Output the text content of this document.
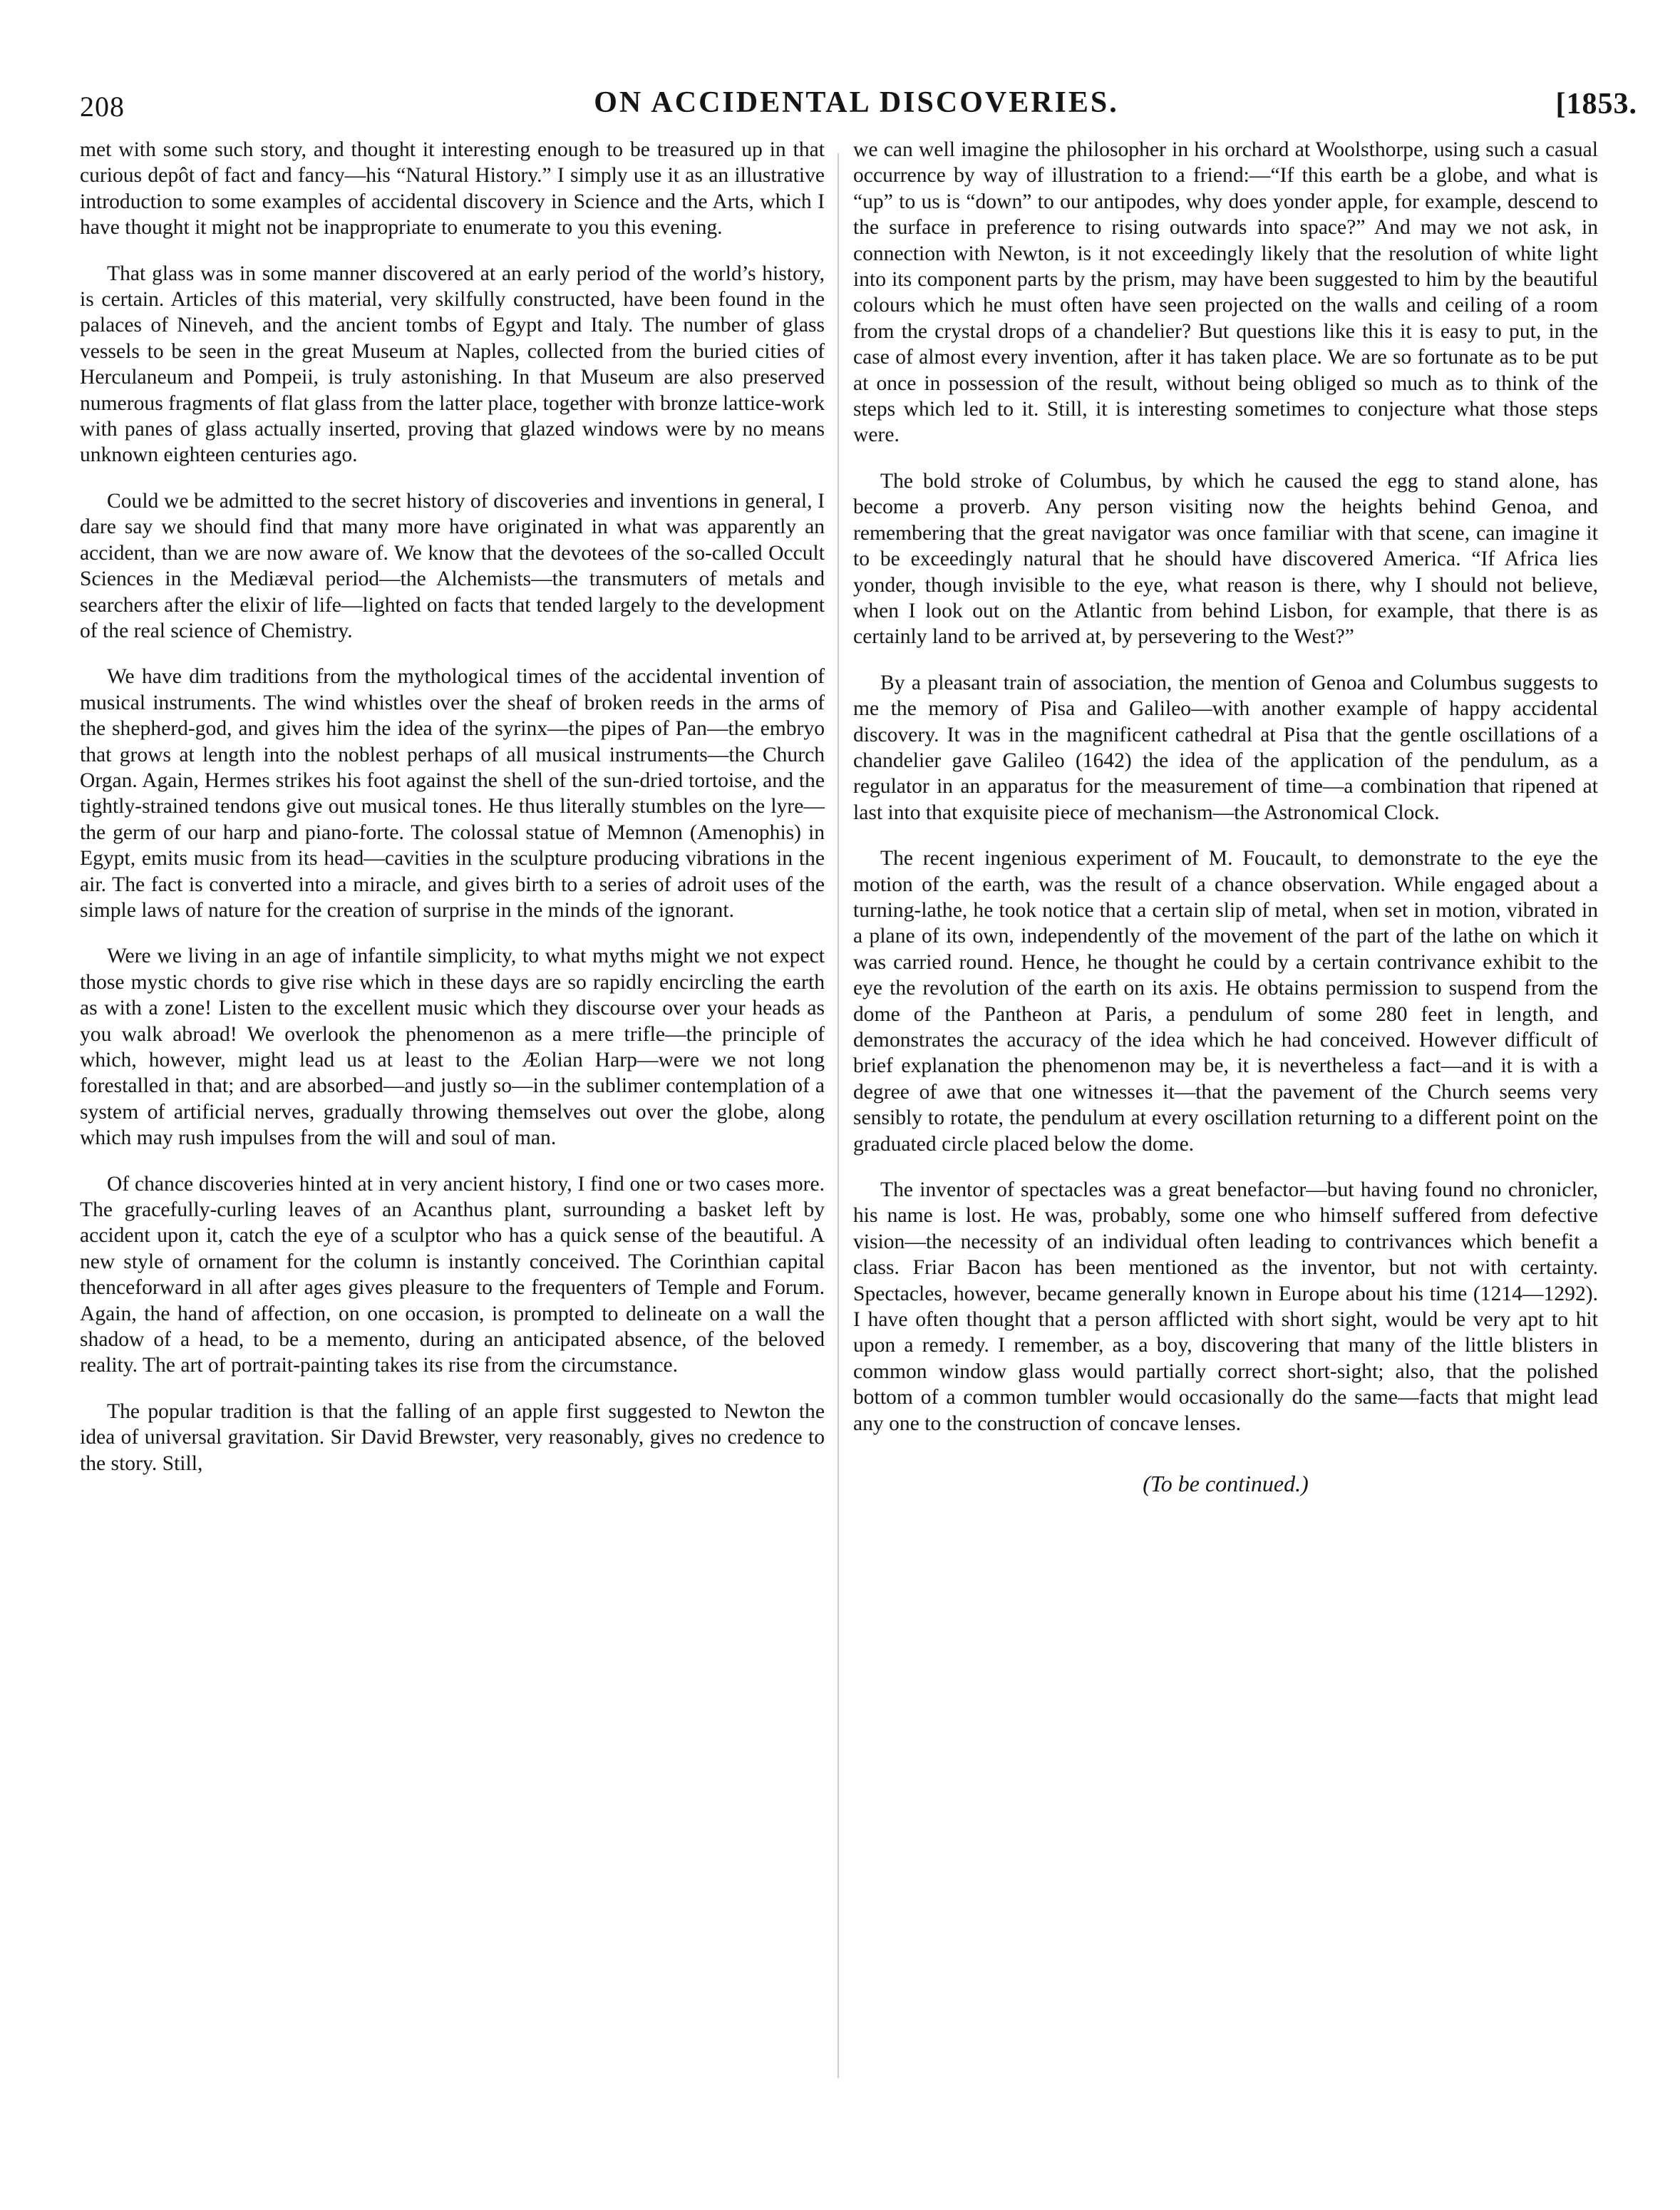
208	ON ACCIDENTAL DISCOVERIES.	[1853.

met with some such story, and thought it interesting enough to be treasured up in that curious depôt of fact and fancy—his “Natural History.” I simply use it as an illustrative introduction to some examples of accidental discovery in Science and the Arts, which I have thought it might not be inappropriate to enumerate to you this evening.

That glass was in some manner discovered at an early period of the world’s history, is certain. Articles of this material, very skilfully constructed, have been found in the palaces of Nineveh, and the ancient tombs of Egypt and Italy. The number of glass vessels to be seen in the great Museum at Naples, collected from the buried cities of Herculaneum and Pompeii, is truly astonishing. In that Museum are also preserved numerous fragments of flat glass from the latter place, together with bronze lattice-work with panes of glass actually inserted, proving that glazed windows were by no means unknown eighteen centuries ago.

Could we be admitted to the secret history of discoveries and inventions in general, I dare say we should find that many more have originated in what was apparently an accident, than we are now aware of. We know that the devotees of the so-called Occult Sciences in the Mediæval period—the Alchemists—the transmuters of metals and searchers after the elixir of life—lighted on facts that tended largely to the development of the real science of Chemistry.

We have dim traditions from the mythological times of the accidental invention of musical instruments. The wind whistles over the sheaf of broken reeds in the arms of the shepherd-god, and gives him the idea of the syrinx—the pipes of Pan—the embryo that grows at length into the noblest perhaps of all musical instruments—the Church Organ. Again, Hermes strikes his foot against the shell of the sun-dried tortoise, and the tightly-strained tendons give out musical tones. He thus literally stumbles on the lyre—the germ of our harp and piano-forte. The colossal statue of Memnon (Amenophis) in Egypt, emits music from its head—cavities in the sculpture producing vibrations in the air. The fact is converted into a miracle, and gives birth to a series of adroit uses of the simple laws of nature for the creation of surprise in the minds of the ignorant.

Were we living in an age of infantile simplicity, to what myths might we not expect those mystic chords to give rise which in these days are so rapidly encircling the earth as with a zone! Listen to the excellent music which they discourse over your heads as you walk abroad! We overlook the phenomenon as a mere trifle—the principle of which, however, might lead us at least to the Æolian Harp—were we not long forestalled in that; and are absorbed—and justly so—in the sublimer contemplation of a system of artificial nerves, gradually throwing themselves out over the globe, along which may rush impulses from the will and soul of man.

Of chance discoveries hinted at in very ancient history, I find one or two cases more. The gracefully-curling leaves of an Acanthus plant, surrounding a basket left by accident upon it, catch the eye of a sculptor who has a quick sense of the beautiful. A new style of ornament for the column is instantly conceived. The Corinthian capital thenceforward in all after ages gives pleasure to the frequenters of Temple and Forum. Again, the hand of affection, on one occasion, is prompted to delineate on a wall the shadow of a head, to be a memento, during an anticipated absence, of the beloved reality. The art of portrait-painting takes its rise from the circumstance.

The popular tradition is that the falling of an apple first suggested to Newton the idea of universal gravitation. Sir David Brewster, very reasonably, gives no credence to the story. Still,

we can well imagine the philosopher in his orchard at Woolsthorpe, using such a casual occurrence by way of illustration to a friend:—“If this earth be a globe, and what is “up” to us is “down” to our antipodes, why does yonder apple, for example, descend to the surface in preference to rising outwards into space?” And may we not ask, in connection with Newton, is it not exceedingly likely that the resolution of white light into its component parts by the prism, may have been suggested to him by the beautiful colours which he must often have seen projected on the walls and ceiling of a room from the crystal drops of a chandelier? But questions like this it is easy to put, in the case of almost every invention, after it has taken place. We are so fortunate as to be put at once in possession of the result, without being obliged so much as to think of the steps which led to it. Still, it is interesting sometimes to conjecture what those steps were.

The bold stroke of Columbus, by which he caused the egg to stand alone, has become a proverb. Any person visiting now the heights behind Genoa, and remembering that the great navigator was once familiar with that scene, can imagine it to be exceedingly natural that he should have discovered America. “If Africa lies yonder, though invisible to the eye, what reason is there, why I should not believe, when I look out on the Atlantic from behind Lisbon, for example, that there is as certainly land to be arrived at, by persevering to the West?”

By a pleasant train of association, the mention of Genoa and Columbus suggests to me the memory of Pisa and Galileo—with another example of happy accidental discovery. It was in the magnificent cathedral at Pisa that the gentle oscillations of a chandelier gave Galileo (1642) the idea of the application of the pendulum, as a regulator in an apparatus for the measurement of time—a combination that ripened at last into that exquisite piece of mechanism—the Astronomical Clock.

The recent ingenious experiment of M. Foucault, to demonstrate to the eye the motion of the earth, was the result of a chance observation. While engaged about a turning-lathe, he took notice that a certain slip of metal, when set in motion, vibrated in a plane of its own, independently of the movement of the part of the lathe on which it was carried round. Hence, he thought he could by a certain contrivance exhibit to the eye the revolution of the earth on its axis. He obtains permission to suspend from the dome of the Pantheon at Paris, a pendulum of some 280 feet in length, and demonstrates the accuracy of the idea which he had conceived. However difficult of brief explanation the phenomenon may be, it is nevertheless a fact—and it is with a degree of awe that one witnesses it—that the pavement of the Church seems very sensibly to rotate, the pendulum at every oscillation returning to a different point on the graduated circle placed below the dome.

The inventor of spectacles was a great benefactor—but having found no chronicler, his name is lost. He was, probably, some one who himself suffered from defective vision—the necessity of an individual often leading to contrivances which benefit a class. Friar Bacon has been mentioned as the inventor, but not with certainty. Spectacles, however, became generally known in Europe about his time (1214—1292). I have often thought that a person afflicted with short sight, would be very apt to hit upon a remedy. I remember, as a boy, discovering that many of the little blisters in common window glass would partially correct short-sight; also, that the polished bottom of a common tumbler would occasionally do the same—facts that might lead any one to the construction of concave lenses.

(To be continued.)
